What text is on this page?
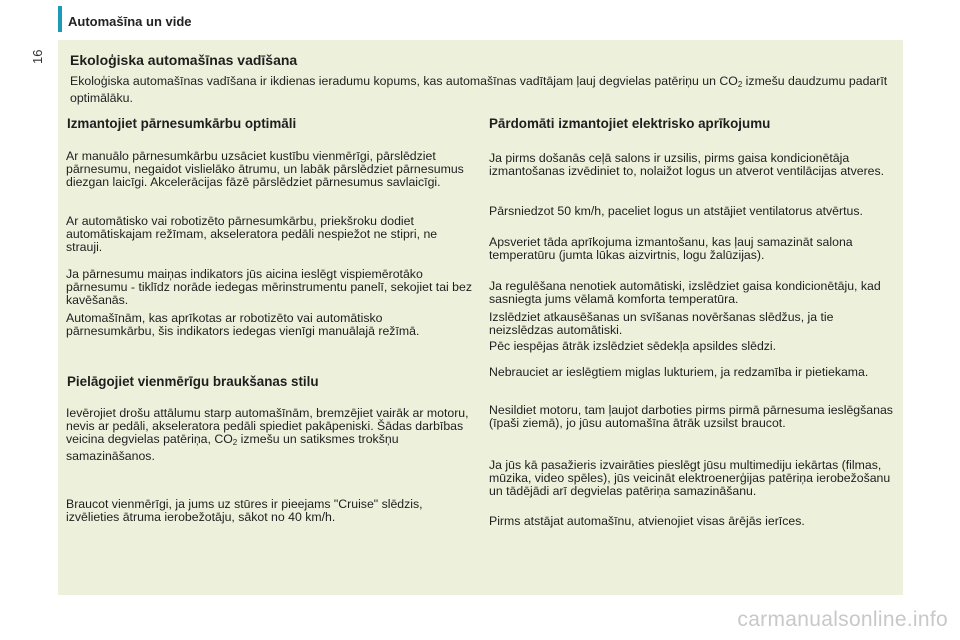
16
Automašīna un vide
Ekoloģiska automašīnas vadīšana
Ekoloģiska automašīnas vadīšana ir ikdienas ieradumu kopums, kas automašīnas vadītājam ļauj degvielas patēriņu un $CO_2$ izmešu daudzumu padarīt optimālāku.
Izmantojiet pārnesumkārbu optimāli
Ar manuālo pārnesumkārbu uzsāciet kustību vienmērīgi, pārslēdziet pārnesumu, negaidot vislielāko ātrumu, un labāk pārslēdziet pārnesumus diezgan laicīgi. Akcelerācijas fāzē pārslēdziet pārnesumus savlaicīgi.
Ar automātisko vai robotizēto pārnesumkārbu, priekšroku dodiet automātiskajam režīmam, akseleratora pedāli nespiežot ne stipri, ne strauji.
Ja pārnesumu maiņas indikators jūs aicina ieslēgt vispiemērotāko pārnesumu - tiklīdz norāde iedegas mērinstrumentu panelī, sekojiet tai bez kavēšanās.
Automašīnām, kas aprīkotas ar robotizēto vai automātisko pārnesumkārbu, šis indikators iedegas vienīgi manuālajā režīmā.
Pielāgojiet vienmērīgu braukšanas stilu
Ievērojiet drošu attālumu starp automašīnām, bremzējiet vairāk ar motoru, nevis ar pedāli, akseleratora pedāli spiediet pakāpeniski. Šādas darbības veicina degvielas patēriņa, $CO_2$ izmešu un satiksmes trokšņu samazināšanos.
Braucot vienmērīgi, ja jums uz stūres ir pieejams "Cruise" slēdzis, izvēlieties ātruma ierobežotāju, sākot no 40 km/h.
Pārdomāti izmantojiet elektrisko aprīkojumu
Ja pirms došanās ceļā salons ir uzsilis, pirms gaisa kondicionētāja izmantošanas izvēdiniet to, nolaižot logus un atverot ventilācijas atveres.
Pārsniedzot 50 km/h, paceliet logus un atstājiet ventilatorus atvērtus.
Apsveriet tāda aprīkojuma izmantošanu, kas ļauj samazināt salona temperatūru (jumta lūkas aizvirtnis, logu žalūzijas).
Ja regulēšana nenotiek automātiski, izslēdziet gaisa kondicionētāju, kad sasniegta jums vēlamā komforta temperatūra.
Izslēdziet atkausēšanas un svīšanas novēršanas slēdžus, ja tie neizslēdzas automātiski.
Pēc iespējas ātrāk izslēdziet sēdekļa apsildes slēdzi.
Nebrauciet ar ieslēgtiem miglas lukturiem, ja redzamība ir pietiekama.
Nesildiet motoru, tam ļaujot darboties pirms pirmā pārnesuma ieslēgšanas (īpaši ziemā), jo jūsu automašīna ātrāk uzsilst braucot.
Ja jūs kā pasažieris izvairāties pieslēgt jūsu multimediju iekārtas (filmas, mūzika, video spēles), jūs veicināt elektroenerģijas patēriņa ierobežošanu un tādējādi arī degvielas patēriņa samazināšanu.
Pirms atstājat automašīnu, atvienojiet visas ārējās ierīces.
carmanualsonline.info
